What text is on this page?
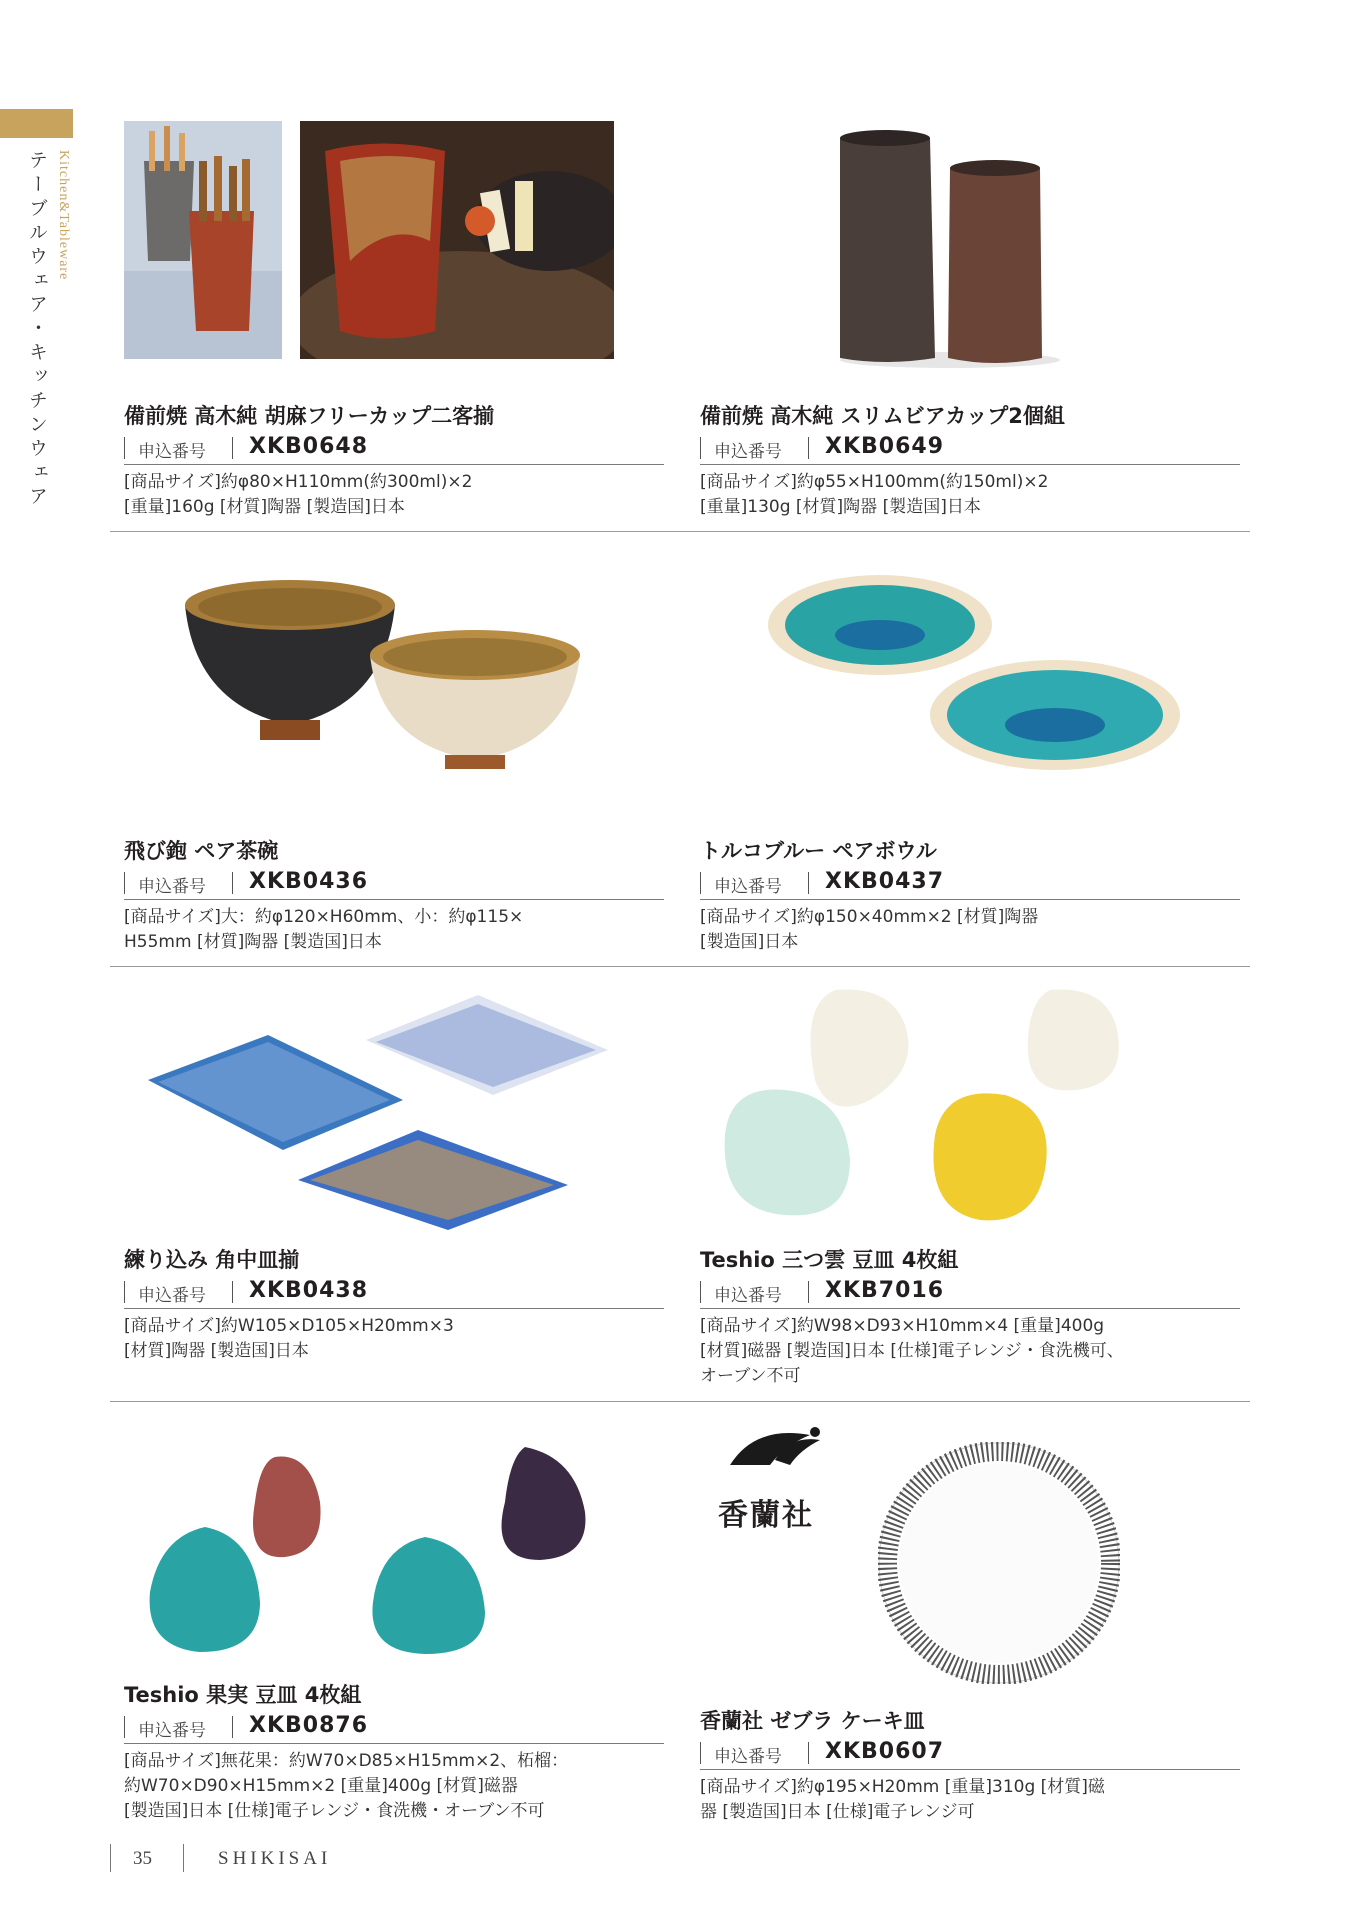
テーブルウェア・キッチンウェア Kitchen&Tableware
備前焼 高木純 胡麻フリーカップ二客揃
申込番号 XKB0648
[商品サイズ]約φ80×H110mm(約300ml)×2
[重量]160g [材質]陶器 [製造国]日本
備前焼 高木純 スリムビアカップ2個組
申込番号 XKB0649
[商品サイズ]約φ55×H100mm(約150ml)×2
[重量]130g [材質]陶器 [製造国]日本
飛び鉋 ペア茶碗
申込番号 XKB0436
[商品サイズ]大：約φ120×H60mm、小：約φ115×
H55mm [材質]陶器 [製造国]日本
トルコブルー ペアボウル
申込番号 XKB0437
[商品サイズ]約φ150×40mm×2 [材質]陶器
[製造国]日本
練り込み 角中皿揃
申込番号 XKB0438
[商品サイズ]約W105×D105×H20mm×3
[材質]陶器 [製造国]日本
Teshio 三つ雲 豆皿 4枚組
申込番号 XKB7016
[商品サイズ]約W98×D93×H10mm×4 [重量]400g
[材質]磁器 [製造国]日本 [仕様]電子レンジ・食洗機可、
オーブン不可
香蘭社
Teshio 果実 豆皿 4枚組
申込番号 XKB0876
[商品サイズ]無花果：約W70×D85×H15mm×2、柘榴：
約W70×D90×H15mm×2 [重量]400g [材質]磁器
[製造国]日本 [仕様]電子レンジ・食洗機・オーブン不可
香蘭社 ゼブラ ケーキ皿
申込番号 XKB0607
[商品サイズ]約φ195×H20mm [重量]310g [材質]磁
器 [製造国]日本 [仕様]電子レンジ可
35	SHIKISAI
